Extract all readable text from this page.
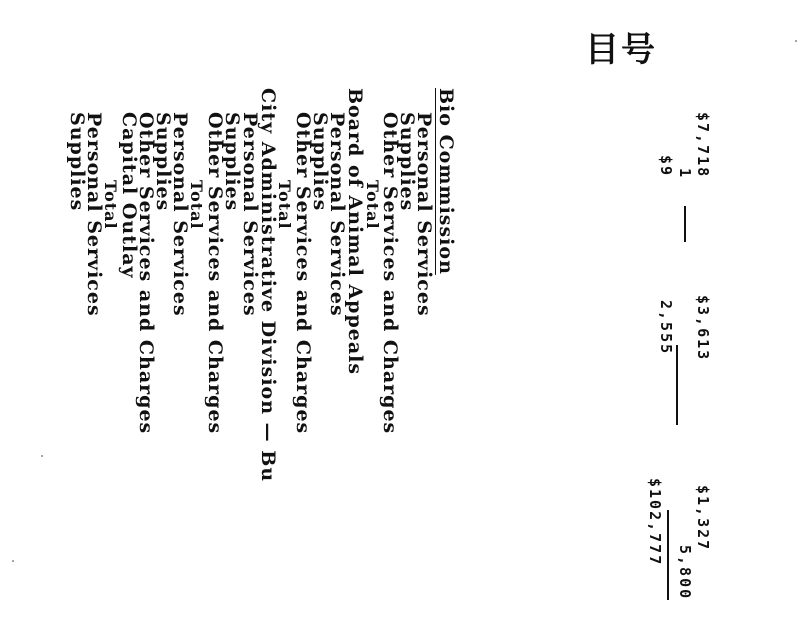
目号
Bio Commission
Personal Services
Supplies
Other Services and Charges
Total
Board of Animal Appeals
Personal Services
Supplies
Other Services and Charges
Total
City Administrative Division — Bu
Personal Services
Supplies
Other Services and Charges
Total
Personal Services
Supplies
Other Services and Charges
Capital Outlay
Total
Personal Services
Supplies	$7,718
$9 1
$3,613
2,555
$1,327
5,800
$102,777
